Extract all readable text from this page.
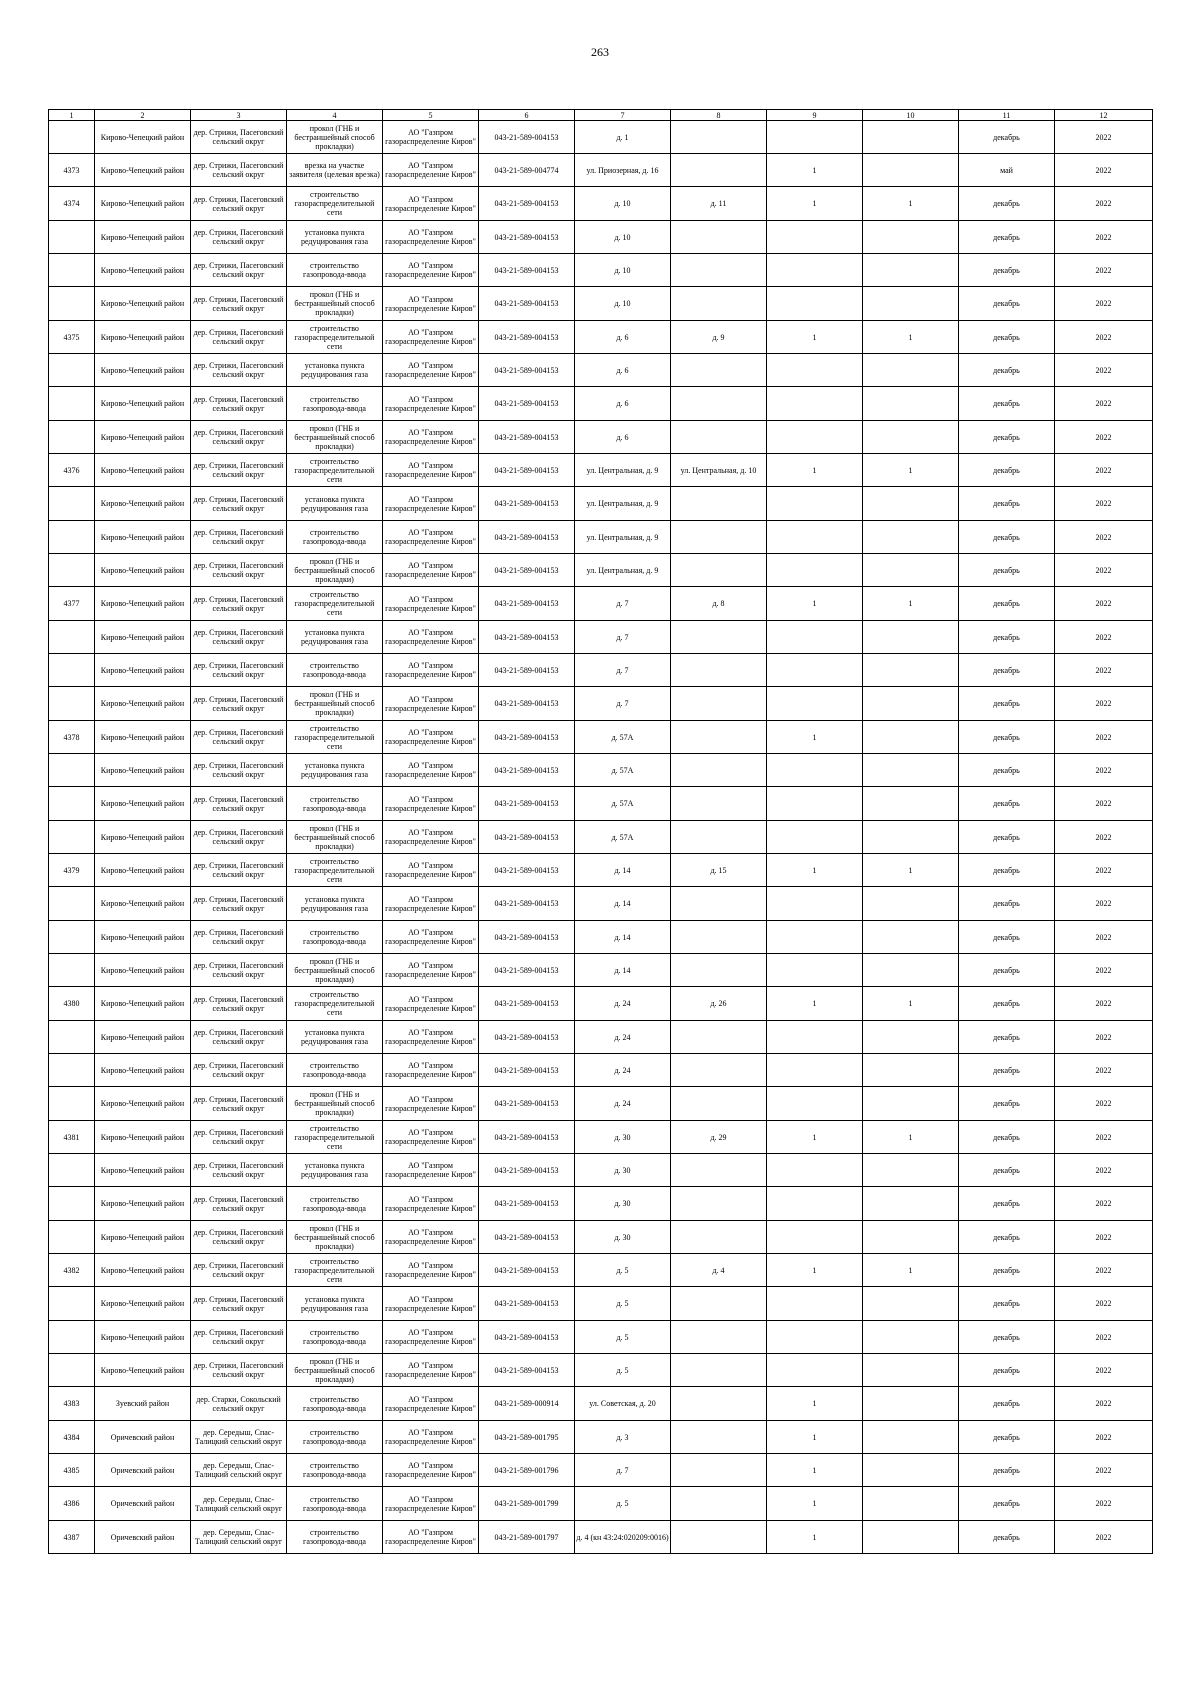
263
1	2	3	4	5	6	7	8	9	10	11	12

	Кирово-Чепецкий район	дер. Стрижи, Пасеговский сельский округ	прокол (ГНБ и бестраншейный способ прокладки)	АО "Газпром газораспределение Киров"	043-21-589-004153	д. 1				декабрь	2022

4373	Кирово-Чепецкий район	дер. Стрижи, Пасеговский сельский округ	врезка на участке заявителя (целевая врезка)	АО "Газпром газораспределение Киров"	043-21-589-004774	ул. Приозерная, д. 16		1		май	2022

4374	Кирово-Чепецкий район	дер. Стрижи, Пасеговский сельский округ	строительство газораспределительной сети	АО "Газпром газораспределение Киров"	043-21-589-004153	д. 10	д. 11	1	1	декабрь	2022

	Кирово-Чепецкий район	дер. Стрижи, Пасеговский сельский округ	установка пункта редуцирования газа	АО "Газпром газораспределение Киров"	043-21-589-004153	д. 10				декабрь	2022

	Кирово-Чепецкий район	дер. Стрижи, Пасеговский сельский округ	строительство газопровода-ввода	АО "Газпром газораспределение Киров"	043-21-589-004153	д. 10				декабрь	2022

	Кирово-Чепецкий район	дер. Стрижи, Пасеговский сельский округ	прокол (ГНБ и бестраншейный способ прокладки)	АО "Газпром газораспределение Киров"	043-21-589-004153	д. 10				декабрь	2022

4375	Кирово-Чепецкий район	дер. Стрижи, Пасеговский сельский округ	строительство газораспределительной сети	АО "Газпром газораспределение Киров"	043-21-589-004153	д. 6	д. 9	1	1	декабрь	2022

	Кирово-Чепецкий район	дер. Стрижи, Пасеговский сельский округ	установка пункта редуцирования газа	АО "Газпром газораспределение Киров"	043-21-589-004153	д. 6				декабрь	2022

	Кирово-Чепецкий район	дер. Стрижи, Пасеговский сельский округ	строительство газопровода-ввода	АО "Газпром газораспределение Киров"	043-21-589-004153	д. 6				декабрь	2022

	Кирово-Чепецкий район	дер. Стрижи, Пасеговский сельский округ	прокол (ГНБ и бестраншейный способ прокладки)	АО "Газпром газораспределение Киров"	043-21-589-004153	д. 6				декабрь	2022

4376	Кирово-Чепецкий район	дер. Стрижи, Пасеговский сельский округ	строительство газораспределительной сети	АО "Газпром газораспределение Киров"	043-21-589-004153	ул. Центральная, д. 9	ул. Центральная, д. 10	1	1	декабрь	2022

	Кирово-Чепецкий район	дер. Стрижи, Пасеговский сельский округ	установка пункта редуцирования газа	АО "Газпром газораспределение Киров"	043-21-589-004153	ул. Центральная, д. 9				декабрь	2022

	Кирово-Чепецкий район	дер. Стрижи, Пасеговский сельский округ	строительство газопровода-ввода	АО "Газпром газораспределение Киров"	043-21-589-004153	ул. Центральная, д. 9				декабрь	2022

	Кирово-Чепецкий район	дер. Стрижи, Пасеговский сельский округ	прокол (ГНБ и бестраншейный способ прокладки)	АО "Газпром газораспределение Киров"	043-21-589-004153	ул. Центральная, д. 9				декабрь	2022

4377	Кирово-Чепецкий район	дер. Стрижи, Пасеговский сельский округ	строительство газораспределительной сети	АО "Газпром газораспределение Киров"	043-21-589-004153	д. 7	д. 8	1	1	декабрь	2022

	Кирово-Чепецкий район	дер. Стрижи, Пасеговский сельский округ	установка пункта редуцирования газа	АО "Газпром газораспределение Киров"	043-21-589-004153	д. 7				декабрь	2022

	Кирово-Чепецкий район	дер. Стрижи, Пасеговский сельский округ	строительство газопровода-ввода	АО "Газпром газораспределение Киров"	043-21-589-004153	д. 7				декабрь	2022

	Кирово-Чепецкий район	дер. Стрижи, Пасеговский сельский округ	прокол (ГНБ и бестраншейный способ прокладки)	АО "Газпром газораспределение Киров"	043-21-589-004153	д. 7				декабрь	2022

4378	Кирово-Чепецкий район	дер. Стрижи, Пасеговский сельский округ	строительство газораспределительной сети	АО "Газпром газораспределение Киров"	043-21-589-004153	д. 57А		1		декабрь	2022

	Кирово-Чепецкий район	дер. Стрижи, Пасеговский сельский округ	установка пункта редуцирования газа	АО "Газпром газораспределение Киров"	043-21-589-004153	д. 57А				декабрь	2022

	Кирово-Чепецкий район	дер. Стрижи, Пасеговский сельский округ	строительство газопровода-ввода	АО "Газпром газораспределение Киров"	043-21-589-004153	д. 57А				декабрь	2022

	Кирово-Чепецкий район	дер. Стрижи, Пасеговский сельский округ	прокол (ГНБ и бестраншейный способ прокладки)	АО "Газпром газораспределение Киров"	043-21-589-004153	д. 57А				декабрь	2022

4379	Кирово-Чепецкий район	дер. Стрижи, Пасеговский сельский округ	строительство газораспределительной сети	АО "Газпром газораспределение Киров"	043-21-589-004153	д. 14	д. 15	1	1	декабрь	2022

	Кирово-Чепецкий район	дер. Стрижи, Пасеговский сельский округ	установка пункта редуцирования газа	АО "Газпром газораспределение Киров"	043-21-589-004153	д. 14				декабрь	2022

	Кирово-Чепецкий район	дер. Стрижи, Пасеговский сельский округ	строительство газопровода-ввода	АО "Газпром газораспределение Киров"	043-21-589-004153	д. 14				декабрь	2022

	Кирово-Чепецкий район	дер. Стрижи, Пасеговский сельский округ	прокол (ГНБ и бестраншейный способ прокладки)	АО "Газпром газораспределение Киров"	043-21-589-004153	д. 14				декабрь	2022

4380	Кирово-Чепецкий район	дер. Стрижи, Пасеговский сельский округ	строительство газораспределительной сети	АО "Газпром газораспределение Киров"	043-21-589-004153	д. 24	д. 26	1	1	декабрь	2022

	Кирово-Чепецкий район	дер. Стрижи, Пасеговский сельский округ	установка пункта редуцирования газа	АО "Газпром газораспределение Киров"	043-21-589-004153	д. 24				декабрь	2022

	Кирово-Чепецкий район	дер. Стрижи, Пасеговский сельский округ	строительство газопровода-ввода	АО "Газпром газораспределение Киров"	043-21-589-004153	д. 24				декабрь	2022

	Кирово-Чепецкий район	дер. Стрижи, Пасеговский сельский округ	прокол (ГНБ и бестраншейный способ прокладки)	АО "Газпром газораспределение Киров"	043-21-589-004153	д. 24				декабрь	2022

4381	Кирово-Чепецкий район	дер. Стрижи, Пасеговский сельский округ	строительство газораспределительной сети	АО "Газпром газораспределение Киров"	043-21-589-004153	д. 30	д. 29	1	1	декабрь	2022

	Кирово-Чепецкий район	дер. Стрижи, Пасеговский сельский округ	установка пункта редуцирования газа	АО "Газпром газораспределение Киров"	043-21-589-004153	д. 30				декабрь	2022

	Кирово-Чепецкий район	дер. Стрижи, Пасеговский сельский округ	строительство газопровода-ввода	АО "Газпром газораспределение Киров"	043-21-589-004153	д. 30				декабрь	2022

	Кирово-Чепецкий район	дер. Стрижи, Пасеговский сельский округ	прокол (ГНБ и бестраншейный способ прокладки)	АО "Газпром газораспределение Киров"	043-21-589-004153	д. 30				декабрь	2022

4382	Кирово-Чепецкий район	дер. Стрижи, Пасеговский сельский округ	строительство газораспределительной сети	АО "Газпром газораспределение Киров"	043-21-589-004153	д. 5	д. 4	1	1	декабрь	2022

	Кирово-Чепецкий район	дер. Стрижи, Пасеговский сельский округ	установка пункта редуцирования газа	АО "Газпром газораспределение Киров"	043-21-589-004153	д. 5				декабрь	2022

	Кирово-Чепецкий район	дер. Стрижи, Пасеговский сельский округ	строительство газопровода-ввода	АО "Газпром газораспределение Киров"	043-21-589-004153	д. 5				декабрь	2022

	Кирово-Чепецкий район	дер. Стрижи, Пасеговский сельский округ	прокол (ГНБ и бестраншейный способ прокладки)	АО "Газпром газораспределение Киров"	043-21-589-004153	д. 5				декабрь	2022

4383	Зуевский район	дер. Старки, Сокольский сельский округ	строительство газопровода-ввода	АО "Газпром газораспределение Киров"	043-21-589-000914	ул. Советская, д. 20		1		декабрь	2022

4384	Оричевский район	дер. Середыш, Спас-Талицкий сельский округ	строительство газопровода-ввода	АО "Газпром газораспределение Киров"	043-21-589-001795	д. 3		1		декабрь	2022

4385	Оричевский район	дер. Середыш, Спас-Талицкий сельский округ	строительство газопровода-ввода	АО "Газпром газораспределение Киров"	043-21-589-001796	д. 7		1		декабрь	2022

4386	Оричевский район	дер. Середыш, Спас-Талицкий сельский округ	строительство газопровода-ввода	АО "Газпром газораспределение Киров"	043-21-589-001799	д. 5		1		декабрь	2022

4387	Оричевский район	дер. Середыш, Спас-Талицкий сельский округ	строительство газопровода-ввода	АО "Газпром газораспределение Киров"	043-21-589-001797	д. 4 (кн 43:24:020209:0016)		1		декабрь	2022
